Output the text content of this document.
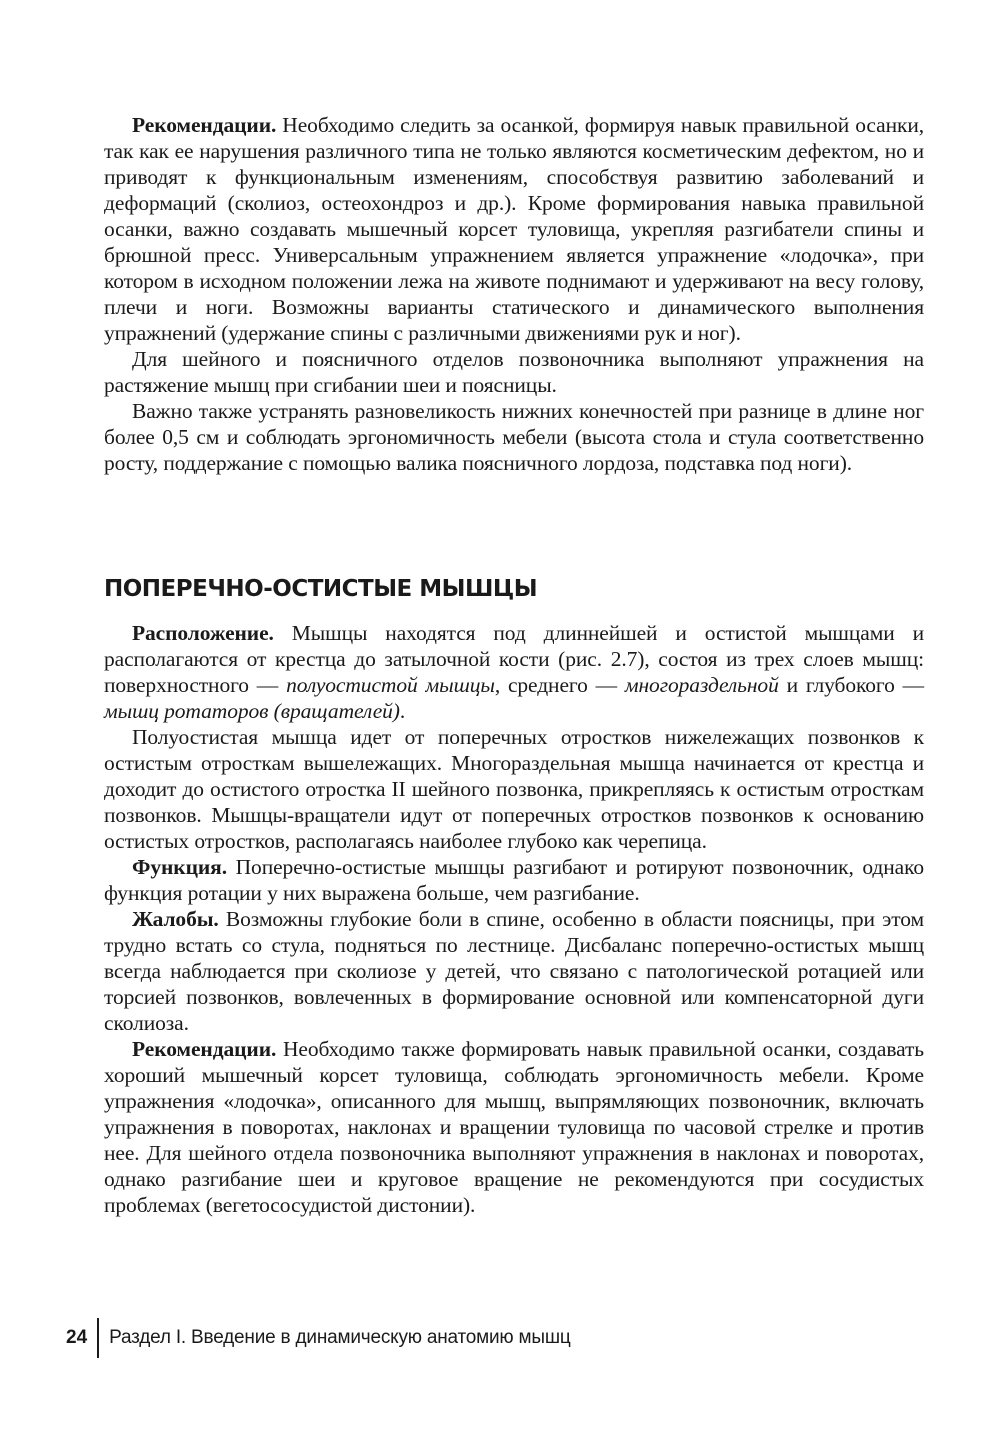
Рекомендации. Необходимо следить за осанкой, формируя навык правильной осанки, так как ее нарушения различного типа не только являются косметическим дефектом, но и приводят к функциональным изменениям, способствуя развитию заболеваний и деформаций (сколиоз, остеохондроз и др.). Кроме формирования навыка правильной осанки, важно создавать мышечный корсет туловища, укрепляя разгибатели спины и брюшной пресс. Универсальным упражнением является упражнение «лодочка», при котором в исходном положении лежа на животе поднимают и удерживают на весу голову, плечи и ноги. Возможны варианты статического и динамического выполнения упражнений (удержание спины с различными движениями рук и ног).

Для шейного и поясничного отделов позвоночника выполняют упражнения на растяжение мышц при сгибании шеи и поясницы.

Важно также устранять разновеликость нижних конечностей при разнице в длине ног более 0,5 см и соблюдать эргономичность мебели (высота стола и стула соответственно росту, поддержание с помощью валика поясничного лордоза, подставка под ноги).

ПОПЕРЕЧНО-ОСТИСТЫЕ МЫШЦЫ

Расположение. Мышцы находятся под длиннейшей и остистой мышцами и располагаются от крестца до затылочной кости (рис. 2.7), состоя из трех слоев мышц: поверхностного — полуостистой мышцы, среднего — многораздельной и глубокого — мышц ротаторов (вращателей).

Полуостистая мышца идет от поперечных отростков нижележащих позвонков к остистым отросткам вышележащих. Многораздельная мышца начинается от крестца и доходит до остистого отростка II шейного позвонка, прикрепляясь к остистым отросткам позвонков. Мышцы-вращатели идут от поперечных отростков позвонков к основанию остистых отростков, располагаясь наиболее глубоко как черепица.

Функция. Поперечно-остистые мышцы разгибают и ротируют позвоночник, однако функция ротации у них выражена больше, чем разгибание.

Жалобы. Возможны глубокие боли в спине, особенно в области поясницы, при этом трудно встать со стула, подняться по лестнице. Дисбаланс поперечно-остистых мышц всегда наблюдается при сколиозе у детей, что связано с патологической ротацией или торсией позвонков, вовлеченных в формирование основной или компенсаторной дуги сколиоза.

Рекомендации. Необходимо также формировать навык правильной осанки, создавать хороший мышечный корсет туловища, соблюдать эргономичность мебели. Кроме упражнения «лодочка», описанного для мышц, выпрямляющих позвоночник, включать упражнения в поворотах, наклонах и вращении туловища по часовой стрелке и против нее. Для шейного отдела позвоночника выполняют упражнения в наклонах и поворотах, однако разгибание шеи и круговое вращение не рекомендуются при сосудистых проблемах (вегетососудистой дистонии).

24 Раздел I. Введение в динамическую анатомию мышц
